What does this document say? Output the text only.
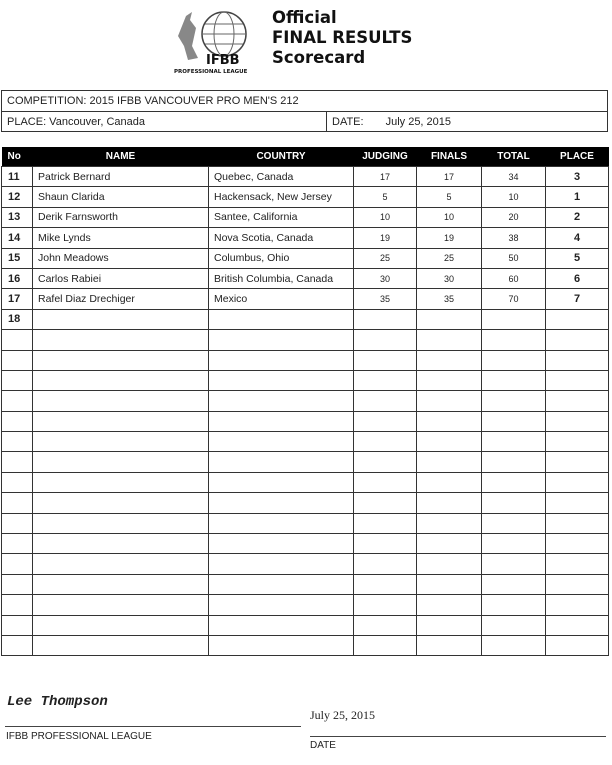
IFBB
PROFESSIONAL LEAGUE
Official
FINAL RESULTS
Scorecard
COMPETITION: 2015 IFBB VANCOUVER PRO MEN'S 212
PLACE: Vancouver, Canada	DATE: July 25, 2015
No	NAME	COUNTRY	JUDGING	FINALS	TOTAL	PLACE
11	Patrick Bernard	Quebec, Canada	17	17	34	3
12	Shaun Clarida	Hackensack, New Jersey	5	5	10	1
13	Derik Farnsworth	Santee, California	10	10	20	2
14	Mike Lynds	Nova Scotia, Canada	19	19	38	4
15	John Meadows	Columbus, Ohio	25	25	50	5
16	Carlos Rabiei	British Columbia, Canada	30	30	60	6
17	Rafel Diaz Drechiger	Mexico	35	35	70	7
18						

Lee Thompson
IFBB PROFESSIONAL LEAGUE
July 25, 2015
DATE
